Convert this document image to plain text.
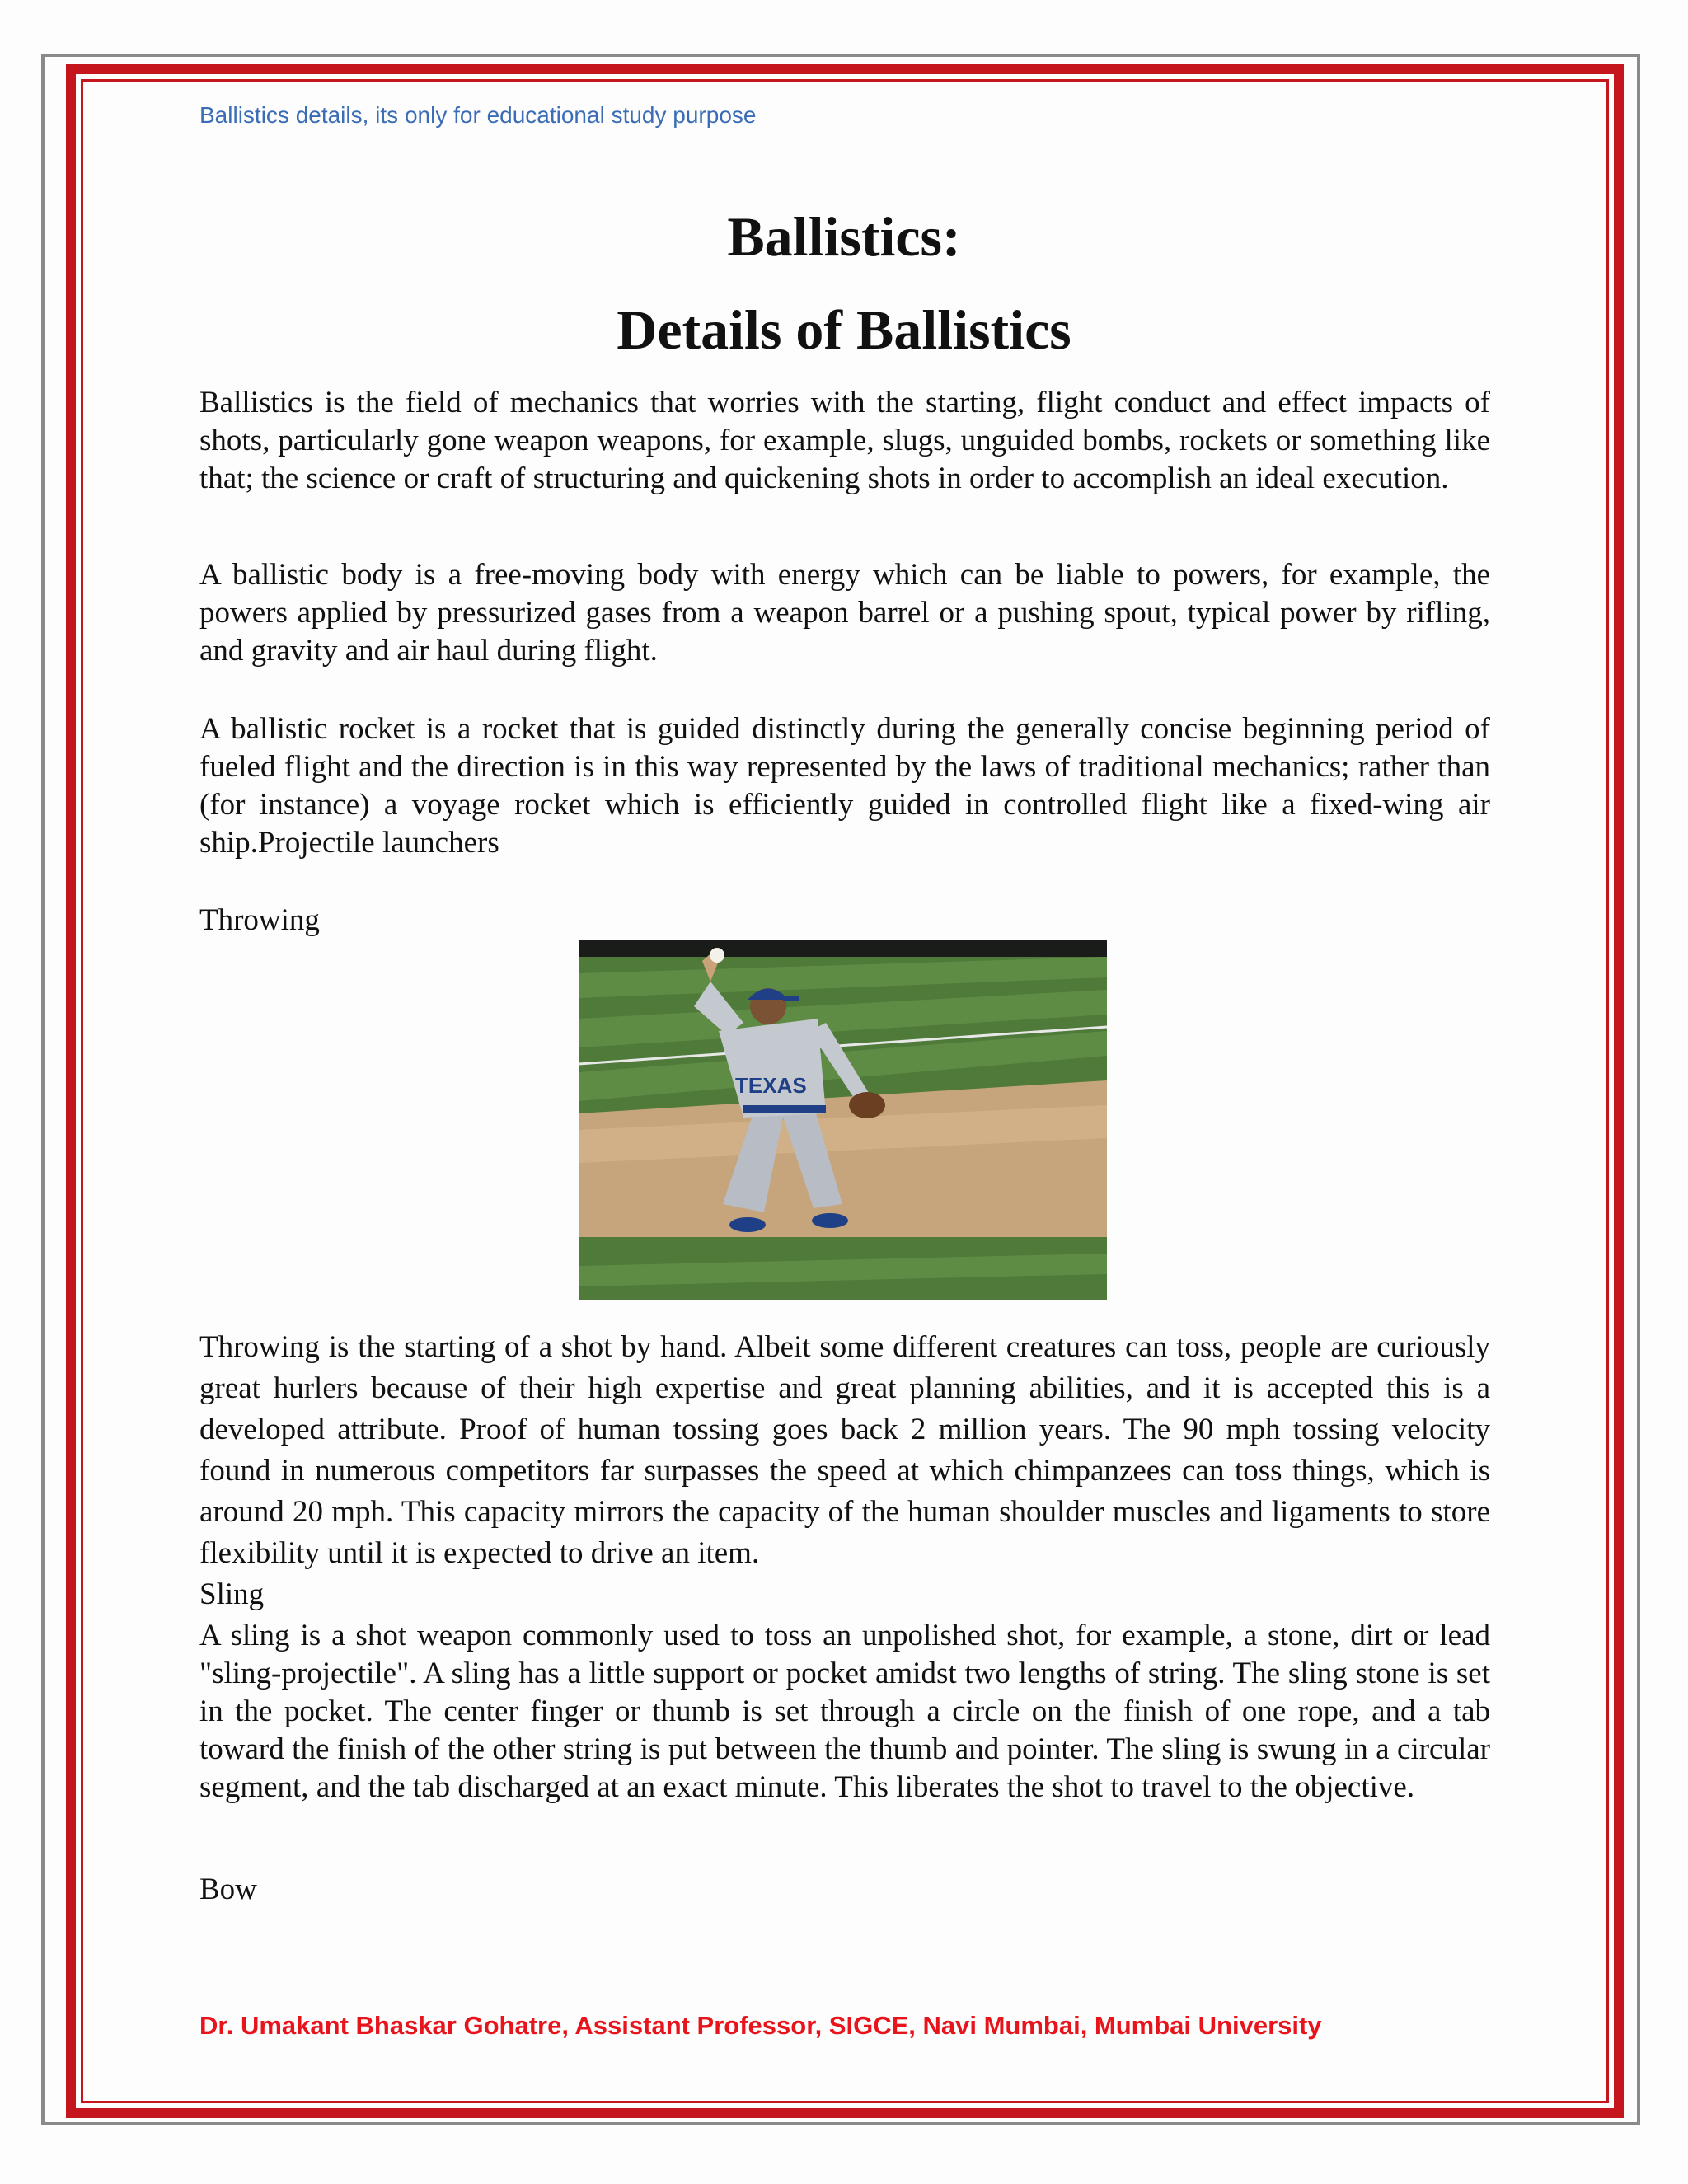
Ballistics details, its only for educational study purpose
Ballistics:
Details of Ballistics

Ballistics is the field of mechanics that worries with the starting, flight conduct and effect impacts of shots, particularly gone weapon weapons, for example, slugs, unguided bombs, rockets or something like that; the science or craft of structuring and quickening shots in order to accomplish an ideal execution.

A ballistic body is a free-moving body with energy which can be liable to powers, for example, the powers applied by pressurized gases from a weapon barrel or a pushing spout, typical power by rifling, and gravity and air haul during flight.

A ballistic rocket is a rocket that is guided distinctly during the generally concise beginning period of fueled flight and the direction is in this way represented by the laws of traditional mechanics; rather than (for instance) a voyage rocket which is efficiently guided in controlled flight like a fixed-wing air ship.Projectile launchers

Throwing
TEXAS

Throwing is the starting of a shot by hand. Albeit some different creatures can toss, people are curiously great hurlers because of their high expertise and great planning abilities, and it is accepted this is a developed attribute. Proof of human tossing goes back 2 million years. The 90 mph tossing velocity found in numerous competitors far surpasses the speed at which chimpanzees can toss things, which is around 20 mph. This capacity mirrors the capacity of the human shoulder muscles and ligaments to store flexibility until it is expected to drive an item.

Sling

A sling is a shot weapon commonly used to toss an unpolished shot, for example, a stone, dirt or lead "sling-projectile". A sling has a little support or pocket amidst two lengths of string. The sling stone is set in the pocket. The center finger or thumb is set through a circle on the finish of one rope, and a tab toward the finish of the other string is put between the thumb and pointer. The sling is swung in a circular segment, and the tab discharged at an exact minute. This liberates the shot to travel to the objective.

Bow
Dr. Umakant Bhaskar Gohatre, Assistant Professor, SIGCE, Navi Mumbai, Mumbai University
